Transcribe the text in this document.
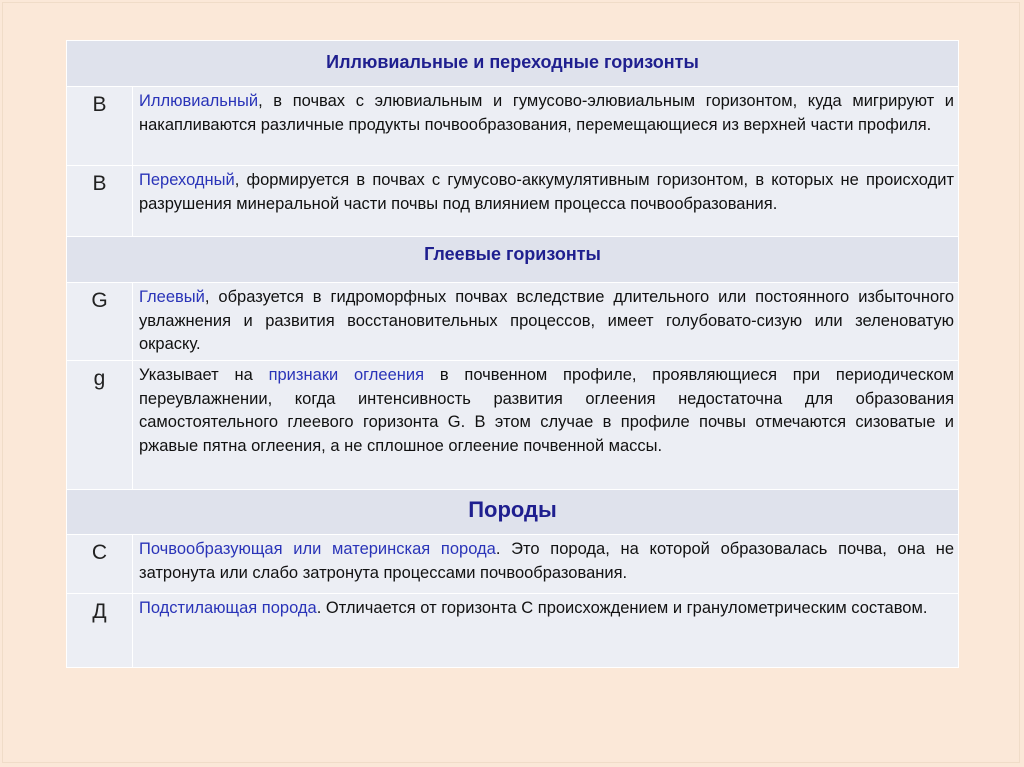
Иллювиальные и переходные горизонты	
В	Иллювиальный, в почвах с элювиальным и гумусово-элювиальным горизонтом, куда мигрируют и накапливаются различные продукты почвообразования, перемещающиеся из верхней части профиля.
В	Переходный, формируется в почвах с гумусово-аккумулятивным горизонтом, в которых не происходит разрушения минеральной части почвы под влиянием процесса почвообразования.
Глеевые горизонты	
G	Глеевый, образуется в гидроморфных почвах вследствие длительного или постоянного избыточного увлажнения и развития восстановительных процессов, имеет голубовато-сизую или зеленоватую окраску.
g	Указывает на признаки оглеения в почвенном профиле, проявляющиеся при периодическом переувлажнении, когда интенсивность развития оглеения недостаточна для образования самостоятельного глеевого горизонта G. В этом случае в профиле почвы отмечаются сизоватые и ржавые пятна оглеения, а не сплошное оглеение почвенной массы.
Породы	
С	Почвообразующая или материнская порода. Это порода, на которой образовалась почва, она не затронута или слабо затронута процессами почвообразования.
Д	Подстилающая порода. Отличается от горизонта С происхождением и гранулометрическим составом.
